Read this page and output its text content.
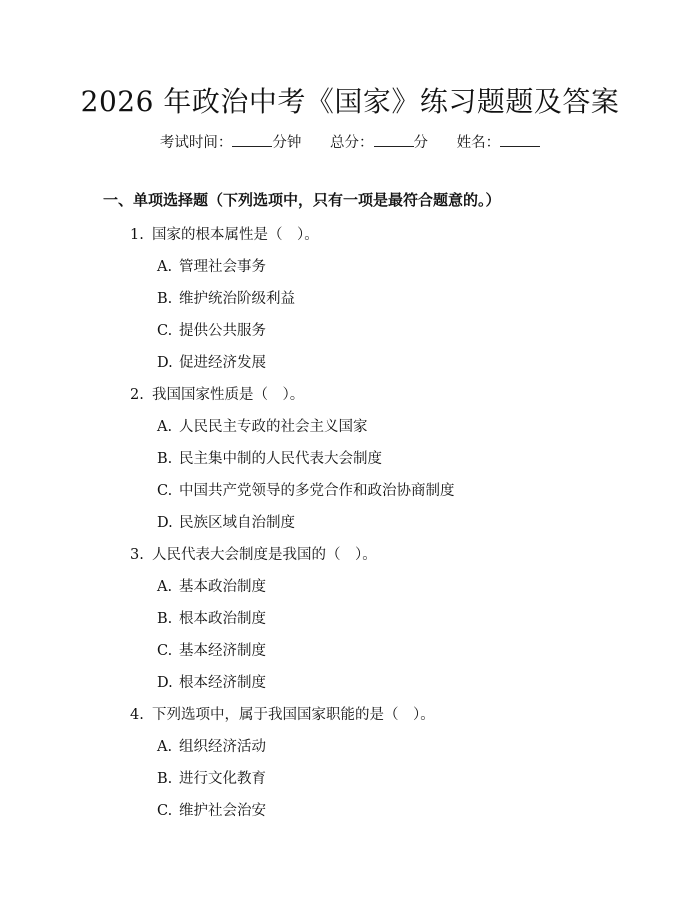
2026 年政治中考《国家》练习题题及答案
考试时间：	分钟 总分：	分 姓名：
一、单项选择题（下列选项中，只有一项是最符合题意的。）
1. 国家的根本属性是（　）。
A. 管理社会事务
B. 维护统治阶级利益
C. 提供公共服务
D. 促进经济发展
2. 我国国家性质是（　）。
A. 人民民主专政的社会主义国家
B. 民主集中制的人民代表大会制度
C. 中国共产党领导的多党合作和政治协商制度
D. 民族区域自治制度
3. 人民代表大会制度是我国的（　）。
A. 基本政治制度
B. 根本政治制度
C. 基本经济制度
D. 根本经济制度
4. 下列选项中，属于我国国家职能的是（　）。
A. 组织经济活动
B. 进行文化教育
C. 维护社会治安
